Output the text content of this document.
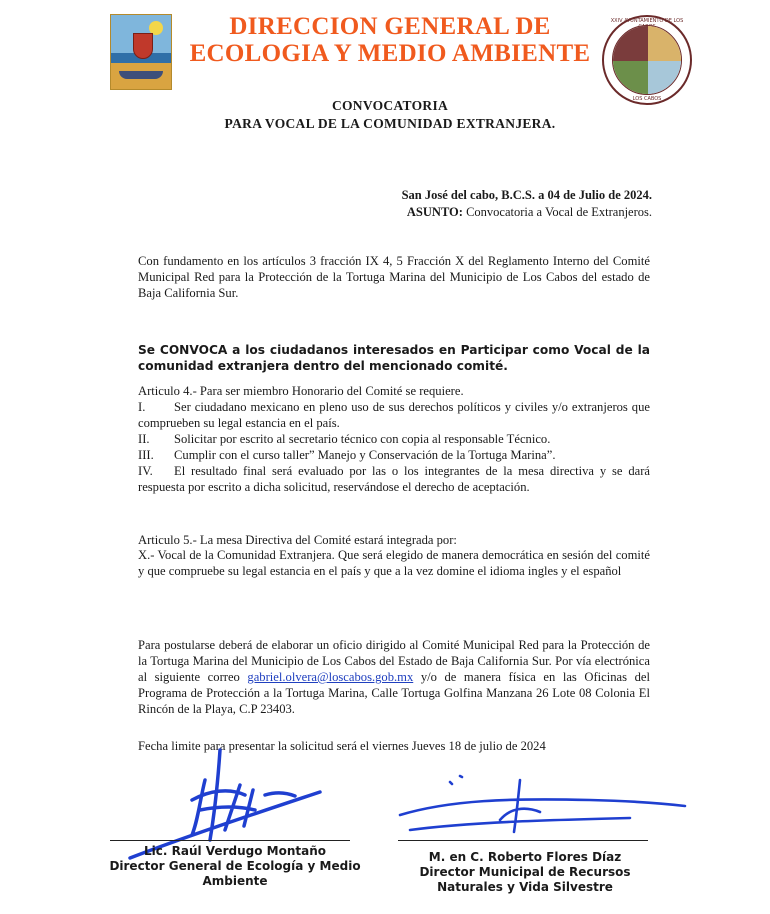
DIRECCION GENERAL DE
ECOLOGIA Y MEDIO AMBIENTE
XXIV AYUNTAMIENTO DE LOS
LOS CABOS
CONVOCATORIA
PARA VOCAL DE LA COMUNIDAD EXTRANJERA.
San José del cabo, B.C.S. a 04 de Julio de 2024.
ASUNTO: Convocatoria a Vocal de Extranjeros.
Con fundamento en los artículos 3 fracción IX 4, 5 Fracción X del Reglamento Interno del Comité Municipal Red para la Protección de la Tortuga Marina del Municipio de Los Cabos del estado de Baja California Sur.
Se CONVOCA a los ciudadanos interesados en Participar como Vocal de la comunidad extranjera dentro del mencionado comité.
Articulo 4.- Para ser miembro Honorario del Comité se requiere.
I. Ser ciudadano mexicano en pleno uso de sus derechos políticos y civiles y/o extranjeros que comprueben su legal estancia en el país.
II. Solicitar por escrito al secretario técnico con copia al responsable Técnico.
III. Cumplir con el curso taller” Manejo y Conservación de la Tortuga Marina”.
IV. El resultado final será evaluado por las o los integrantes de la mesa directiva y se dará respuesta por escrito a dicha solicitud, reservándose el derecho de aceptación.
Articulo 5.- La mesa Directiva del Comité estará integrada por:
X.- Vocal de la Comunidad Extranjera. Que será elegido de manera democrática en sesión del comité y que compruebe su legal estancia en el país y que a la vez domine el idioma ingles y el español
Para postularse deberá de elaborar un oficio dirigido al Comité Municipal Red para la Protección de la Tortuga Marina del Municipio de Los Cabos del Estado de Baja California Sur. Por vía electrónica al siguiente correo gabriel.olvera@loscabos.gob.mx y/o de manera física en las Oficinas del Programa de Protección a la Tortuga Marina, Calle Tortuga Golfina Manzana 26 Lote 08 Colonia El Rincón de la Playa, C.P 23403.
Fecha limite para presentar la solicitud será el viernes Jueves 18 de julio de 2024
Lic. Raúl Verdugo Montaño
Director General de Ecología y Medio
Ambiente
M. en C. Roberto Flores Díaz
Director Municipal de Recursos
Naturales y Vida Silvestre
